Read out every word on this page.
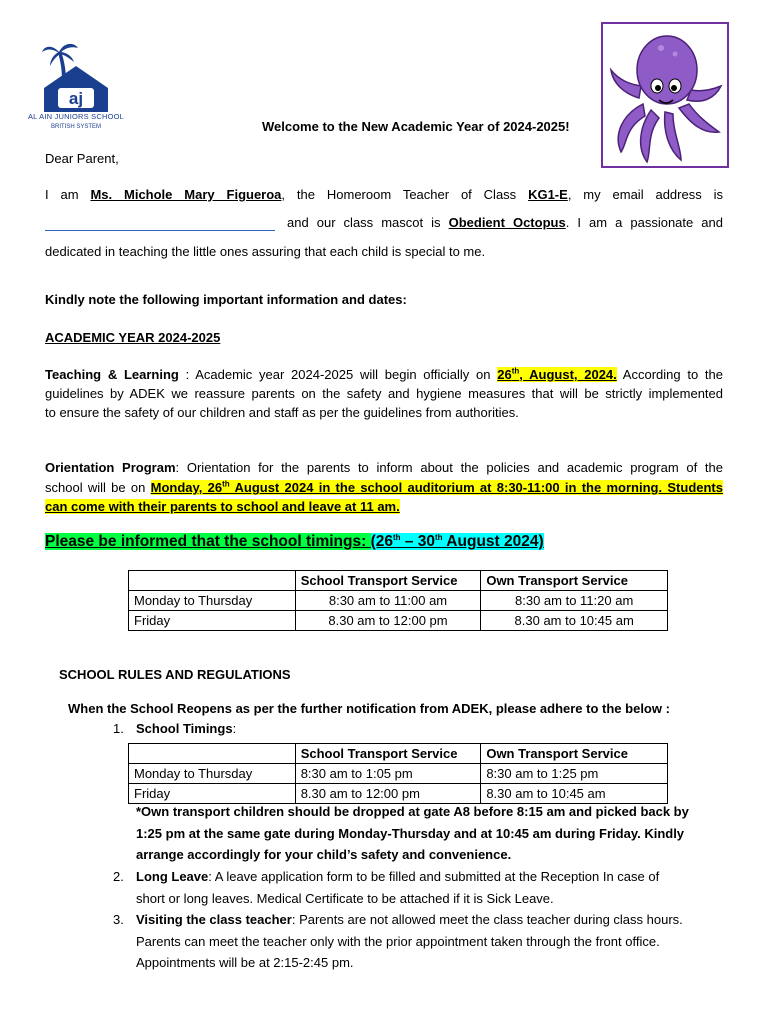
aj
AL AIN JUNIORS SCHOOL
BRITISH SYSTEM	Welcome to the New Academic Year of 2024-2025!

Dear Parent,

I am Ms. Michole Mary Figueroa, the Homeroom Teacher of Class KG1-E, my email address is

and our class mascot is Obedient Octopus. I am a passionate and

dedicated in teaching the little ones assuring that each child is special to me.

Kindly note the following important information and dates:

ACADEMIC YEAR 2024-2025

Teaching & Learning : Academic year 2024-2025 will begin officially on 26th, August, 2024. According to the

guidelines by ADEK we reassure parents on the safety and hygiene measures that will be strictly implemented

to ensure the safety of our children and staff as per the guidelines from authorities.

Orientation Program: Orientation for the parents to inform about the policies and academic program of the

school will be on Monday, 26th August 2024 in the school auditorium at 8:30-11:00 in the morning. Students

can come with their parents to school and leave at 11 am.

Please be informed that the school timings: (26th – 30th August 2024)
	School Transport Service	Own Transport Service
Monday to Thursday	8:30 am to 11:00 am	8:30 am to 11:20 am
Friday	8.30 am to 12:00 pm	8.30 am to 10:45 am
SCHOOL RULES AND REGULATIONS
When the School Reopens as per the further notification from ADEK, please adhere to the below :
1. School Timings:
	School Transport Service	Own Transport Service
Monday to Thursday	8:30 am to 1:05 pm	8:30 am to 1:25 pm
Friday	8.30 am to 12:00 pm	8.30 am to 10:45 am
*Own transport children should be dropped at gate A8 before 8:15 am and picked back by
1:25 pm at the same gate during Monday-Thursday and at 10:45 am during Friday. Kindly
arrange accordingly for your child’s safety and convenience.
2. Long Leave: A leave application form to be filled and submitted at the Reception In case of
short or long leaves. Medical Certificate to be attached if it is Sick Leave.
3. Visiting the class teacher: Parents are not allowed meet the class teacher during class hours.
Parents can meet the teacher only with the prior appointment taken through the front office.
Appointments will be at 2:15-2:45 pm.
